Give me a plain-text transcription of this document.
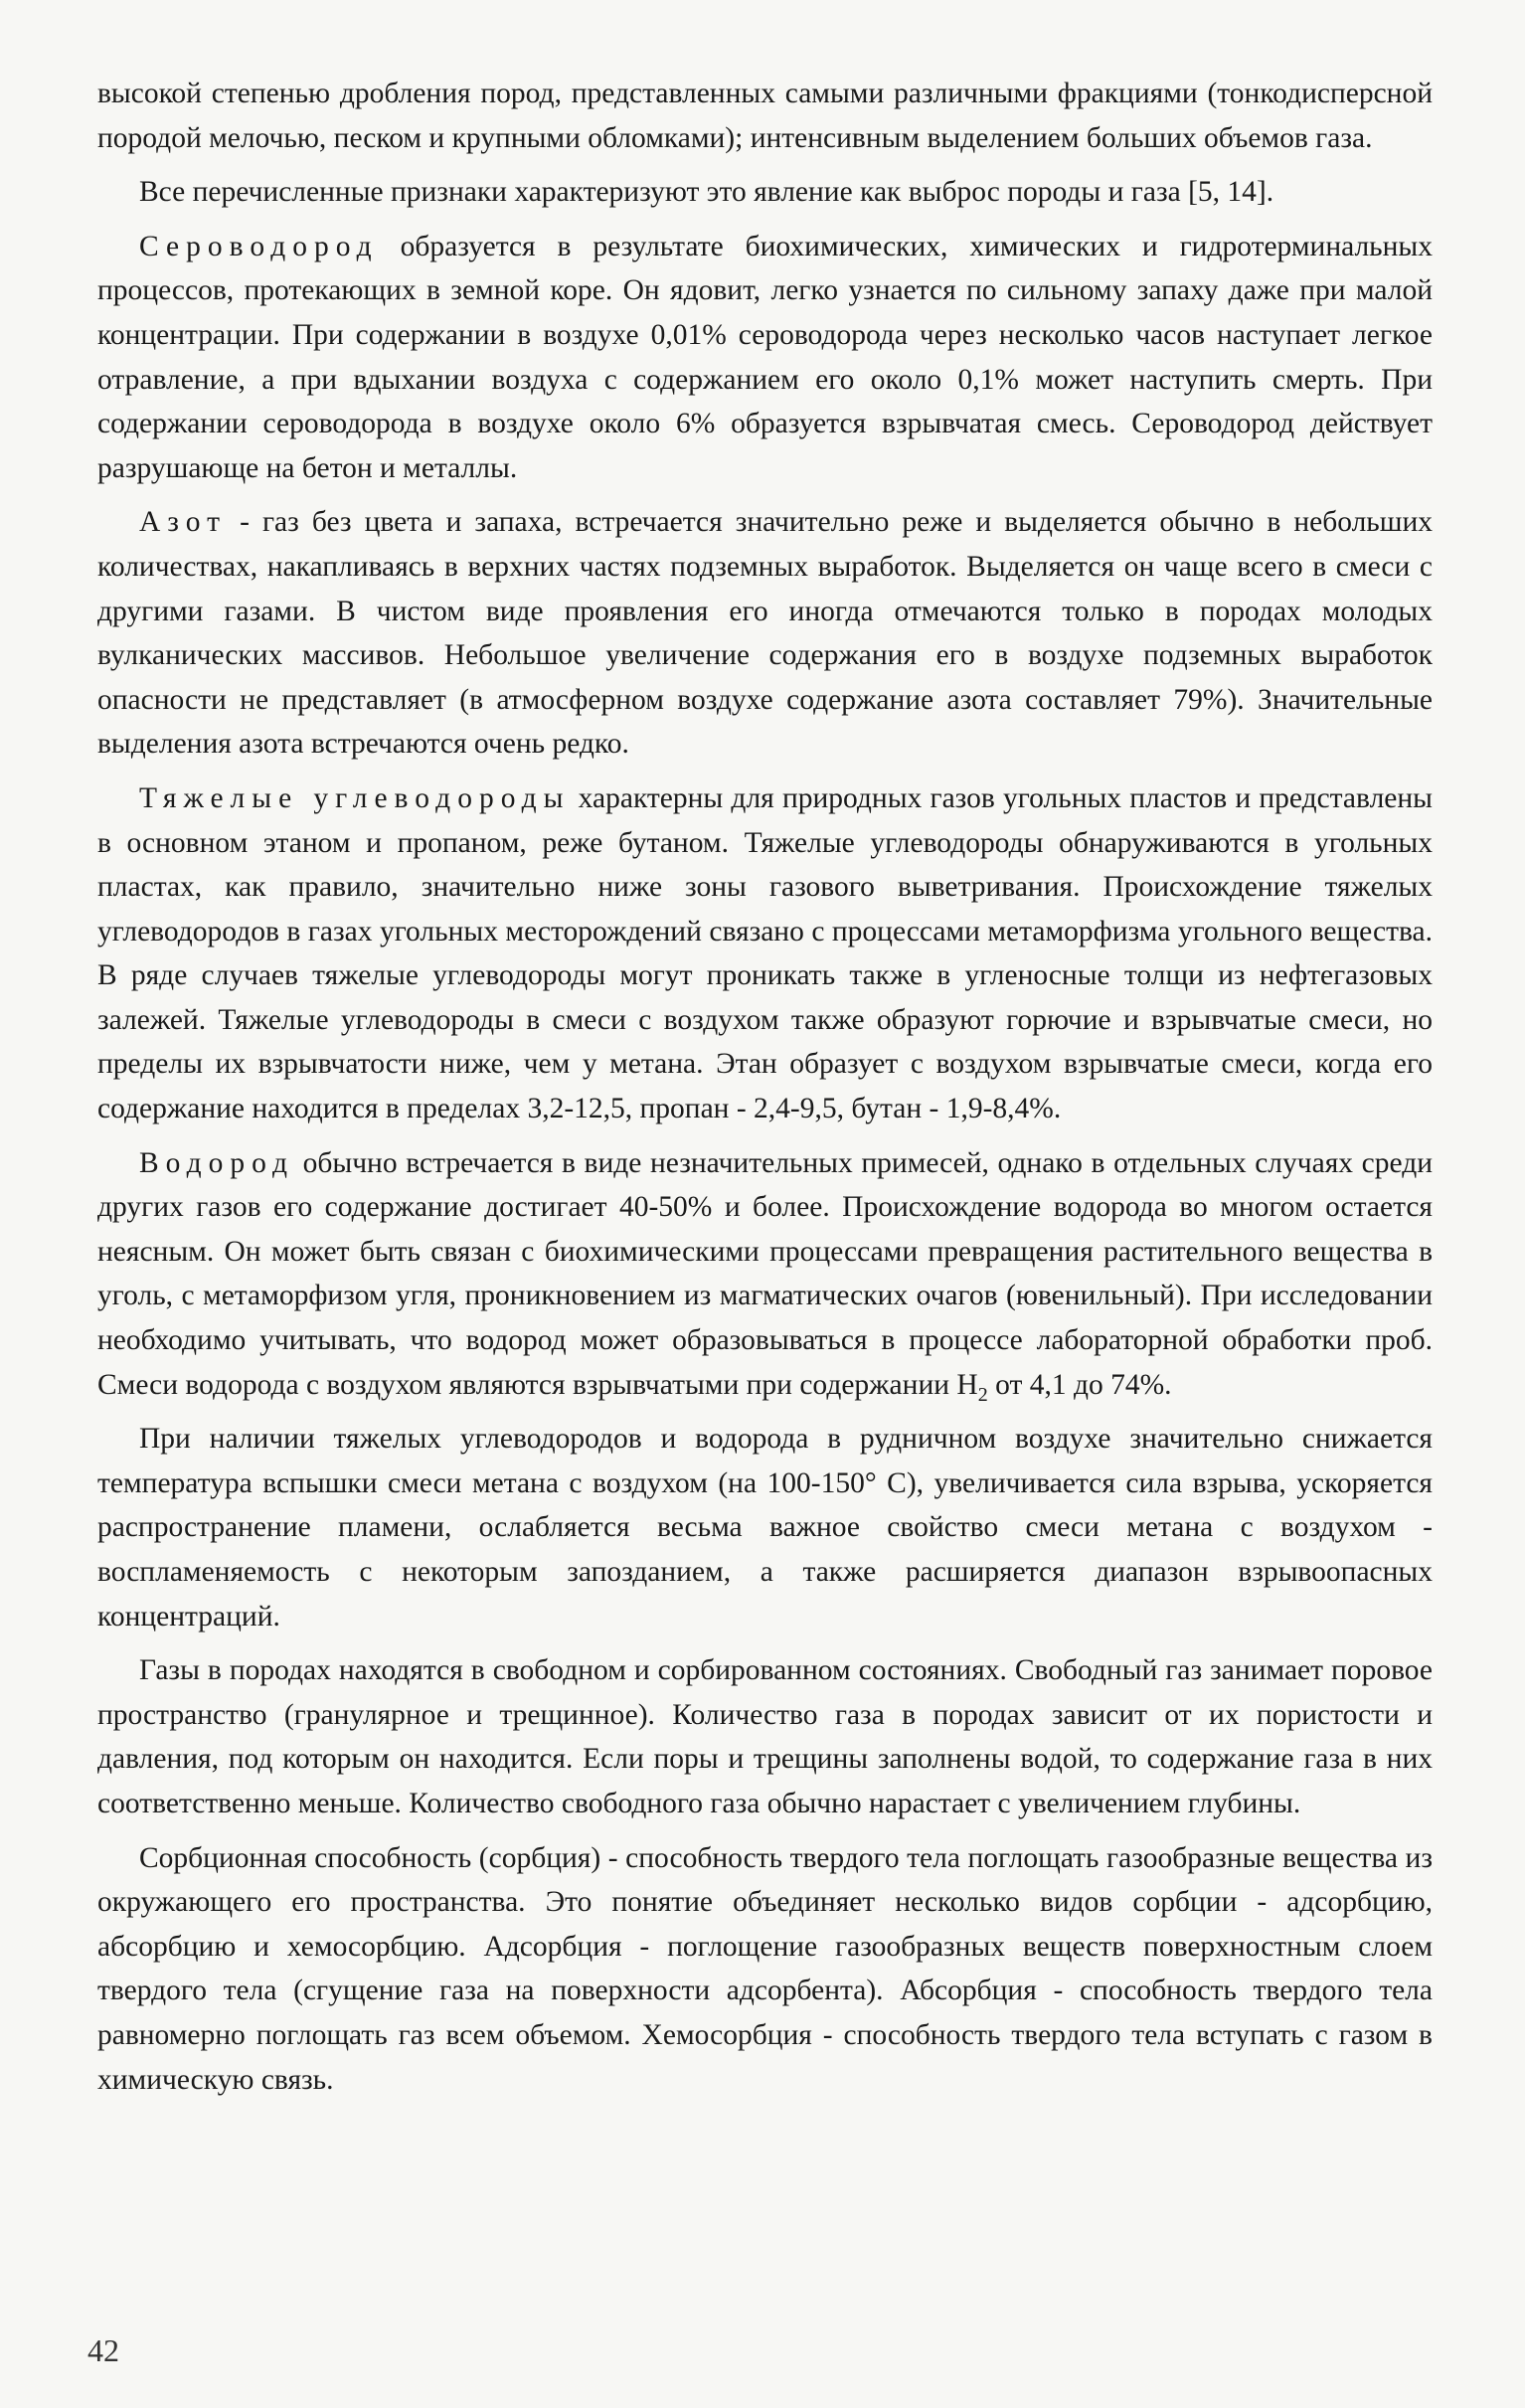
высокой степенью дробления пород, представленных самыми различными фракциями (тонкодисперсной породой мелочью, песком и крупными обломками); интенсивным выделением больших объемов газа.

Все перечисленные признаки характеризуют это явление как выброс породы и газа [5, 14].

Сероводород образуется в результате биохимических, химических и гидротерминальных процессов, протекающих в земной коре. Он ядовит, легко узнается по сильному запаху даже при малой концентрации. При содержании в воздухе 0,01% сероводорода через несколько часов наступает легкое отравление, а при вдыхании воздуха с содержанием его около 0,1% может наступить смерть. При содержании сероводорода в воздухе около 6% образуется взрывчатая смесь. Сероводород действует разрушающе на бетон и металлы.

Азот - газ без цвета и запаха, встречается значительно реже и выделяется обычно в небольших количествах, накапливаясь в верхних частях подземных выработок. Выделяется он чаще всего в смеси с другими газами. В чистом виде проявления его иногда отмечаются только в породах молодых вулканических массивов. Небольшое увеличение содержания его в воздухе подземных выработок опасности не представляет (в атмосферном воздухе содержание азота составляет 79%). Значительные выделения азота встречаются очень редко.

Тяжелые углеводороды характерны для природных газов угольных пластов и представлены в основном этаном и пропаном, реже бутаном. Тяжелые углеводороды обнаруживаются в угольных пластах, как правило, значительно ниже зоны газового выветривания. Происхождение тяжелых углеводородов в газах угольных месторождений связано с процессами метаморфизма угольного вещества. В ряде случаев тяжелые углеводороды могут проникать также в угленосные толщи из нефтегазовых залежей. Тяжелые углеводороды в смеси с воздухом также образуют горючие и взрывчатые смеси, но пределы их взрывчатости ниже, чем у метана. Этан образует с воздухом взрывчатые смеси, когда его содержание находится в пределах 3,2-12,5, пропан - 2,4-9,5, бутан - 1,9-8,4%.

Водород обычно встречается в виде незначительных примесей, однако в отдельных случаях среди других газов его содержание достигает 40-50% и более. Происхождение водорода во многом остается неясным. Он может быть связан с биохимическими процессами превращения растительного вещества в уголь, с метаморфизом угля, проникновением из магматических очагов (ювенильный). При исследовании необходимо учитывать, что водород может образовываться в процессе лабораторной обработки проб. Смеси водорода с воздухом являются взрывчатыми при содержании $H_2$ от 4,1 до 74%.

При наличии тяжелых углеводородов и водорода в рудничном воздухе значительно снижается температура вспышки смеси метана с воздухом (на 100-150° С), увеличивается сила взрыва, ускоряется распространение пламени, ослабляется весьма важное свойство смеси метана с воздухом - воспламеняемость с некоторым запозданием, а также расширяется диапазон взрывоопасных концентраций.

Газы в породах находятся в свободном и сорбированном состояниях. Свободный газ занимает поровое пространство (гранулярное и трещинное). Количество газа в породах зависит от их пористости и давления, под которым он находится. Если поры и трещины заполнены водой, то содержание газа в них соответственно меньше. Количество свободного газа обычно нарастает с увеличением глубины.

Сорбционная способность (сорбция) - способность твердого тела поглощать газообразные вещества из окружающего его пространства. Это понятие объединяет несколько видов сорбции - адсорбцию, абсорбцию и хемосорбцию. Адсорбция - поглощение газообразных веществ поверхностным слоем твердого тела (сгущение газа на поверхности адсорбента). Абсорбция - способность твердого тела равномерно поглощать газ всем объемом. Хемосорбция - способность твердого тела вступать с газом в химическую связь.

42
